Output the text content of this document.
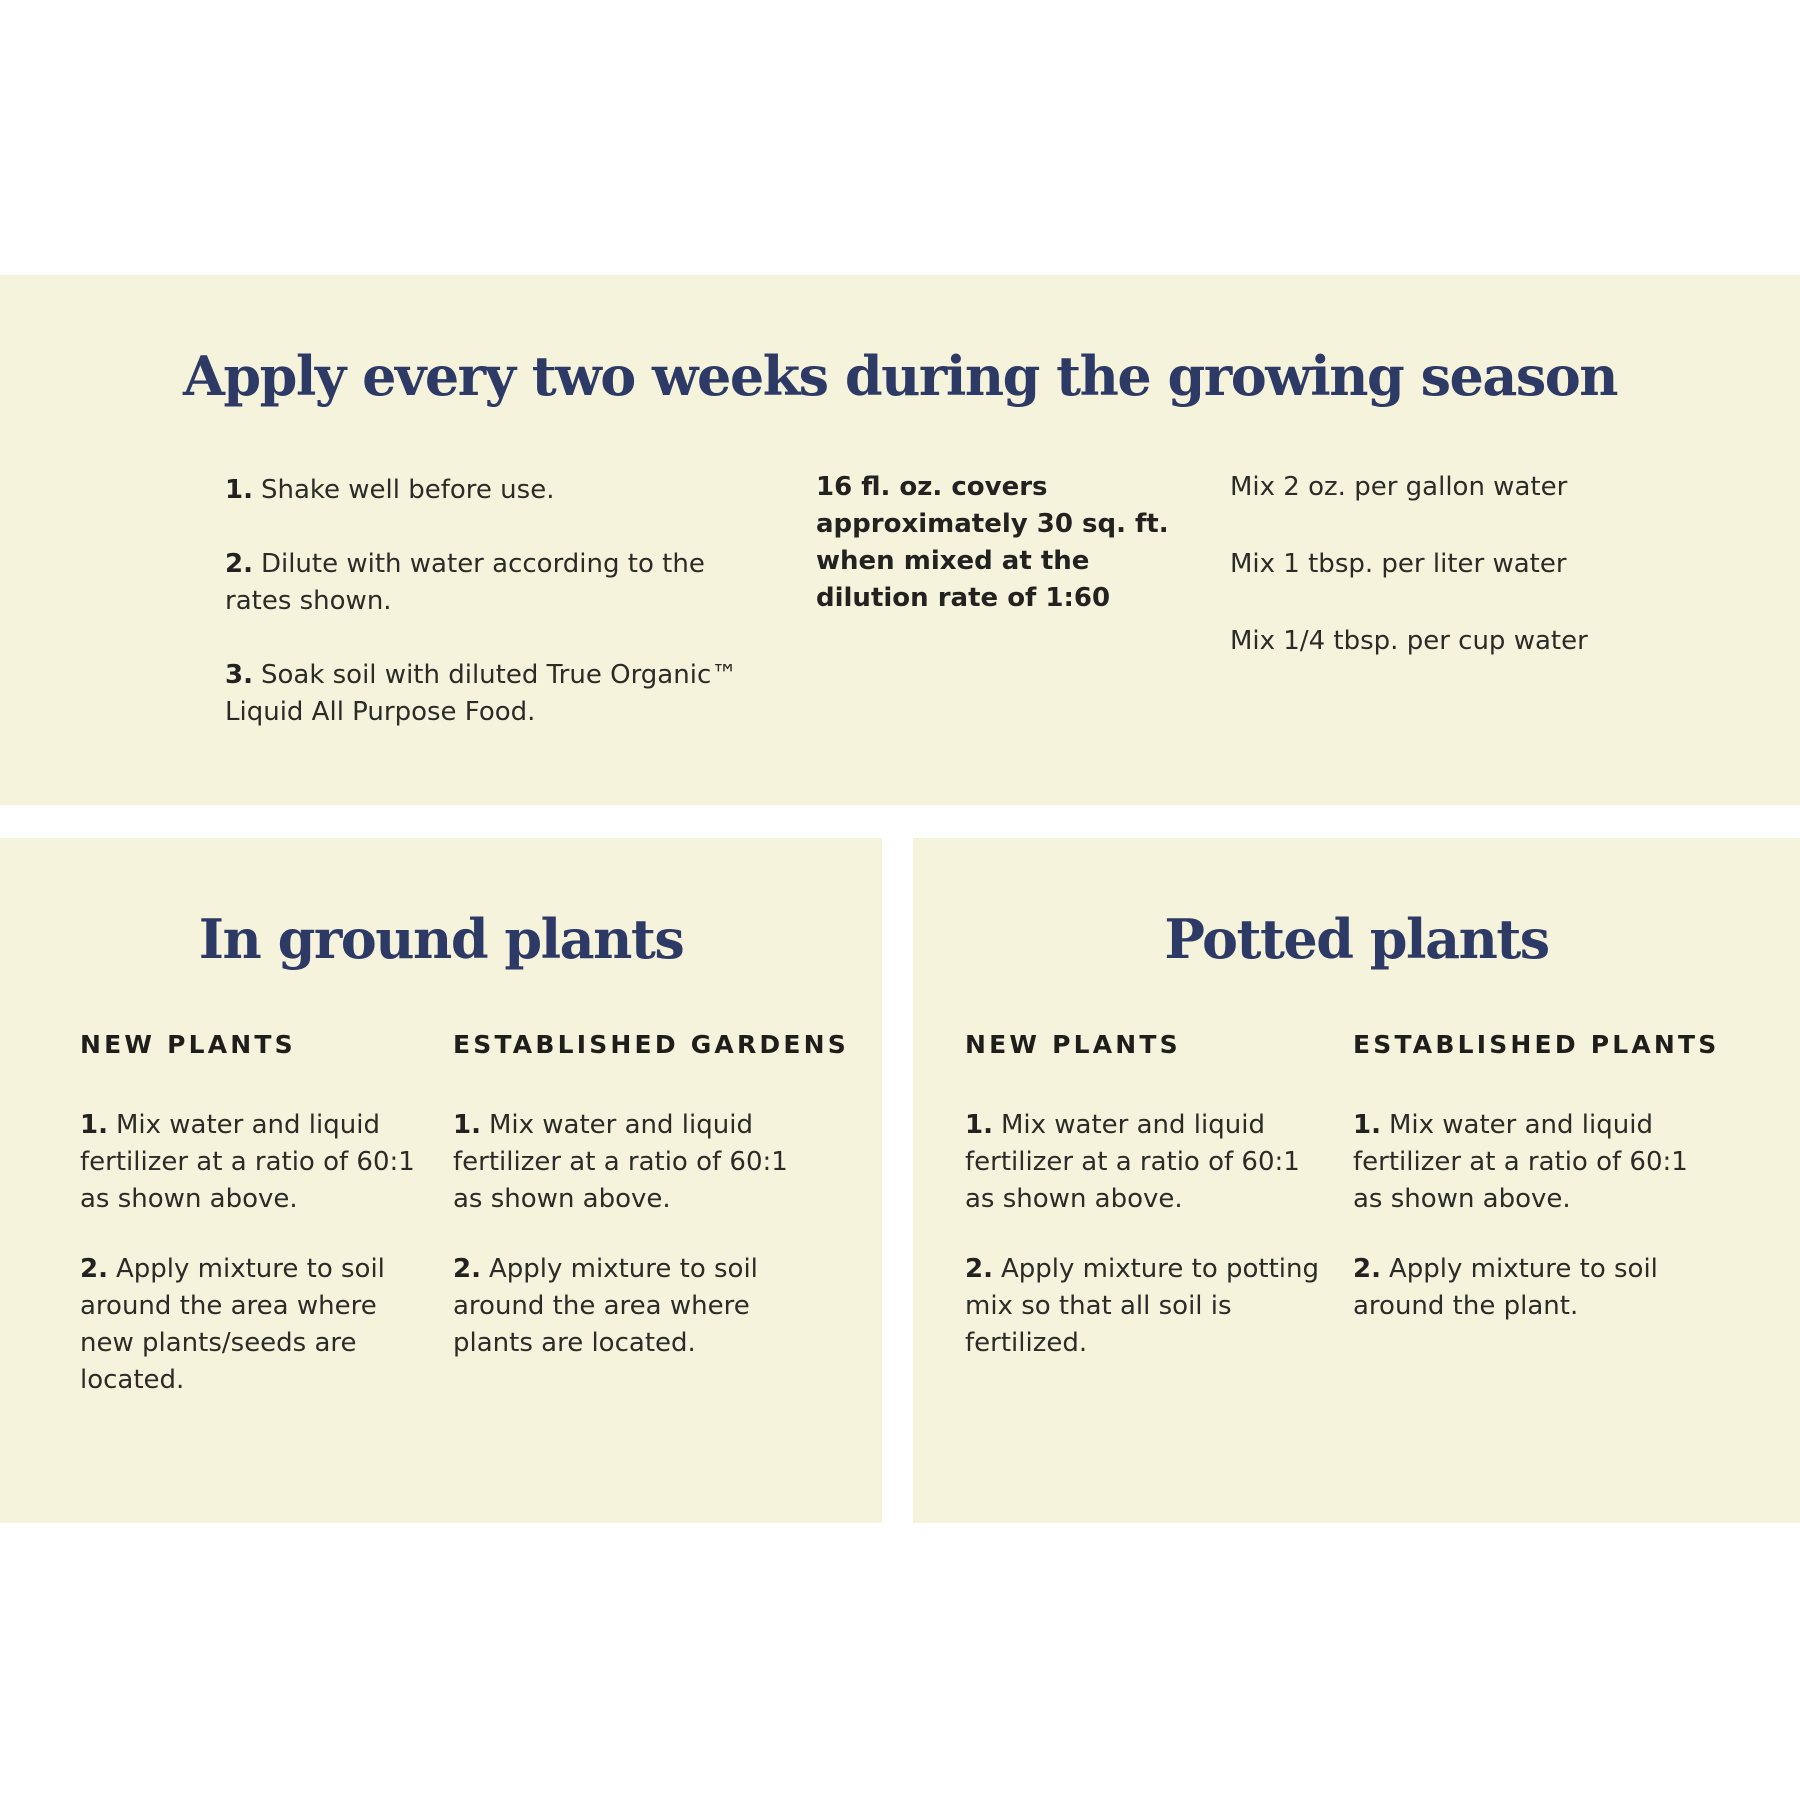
Apply every two weeks during the growing season
1. Shake well before use.
2. Dilute with water according to the
rates shown.
3. Soak soil with diluted True Organic™
Liquid All Purpose Food.
16 fl. oz. covers
approximately 30 sq. ft.
when mixed at the
dilution rate of 1:60
Mix 2 oz. per gallon water
Mix 1 tbsp. per liter water
Mix 1/4 tbsp. per cup water
In ground plants
NEW PLANTS	ESTABLISHED GARDENS
1. Mix water and liquid
fertilizer at a ratio of 60:1
as shown above.
2. Apply mixture to soil
around the area where
new plants/seeds are
located.
1. Mix water and liquid
fertilizer at a ratio of 60:1
as shown above.
2. Apply mixture to soil
around the area where
plants are located.
Potted plants
NEW PLANTS	ESTABLISHED PLANTS
1. Mix water and liquid
fertilizer at a ratio of 60:1
as shown above.
2. Apply mixture to potting
mix so that all soil is
fertilized.
1. Mix water and liquid
fertilizer at a ratio of 60:1
as shown above.
2. Apply mixture to soil
around the plant.
